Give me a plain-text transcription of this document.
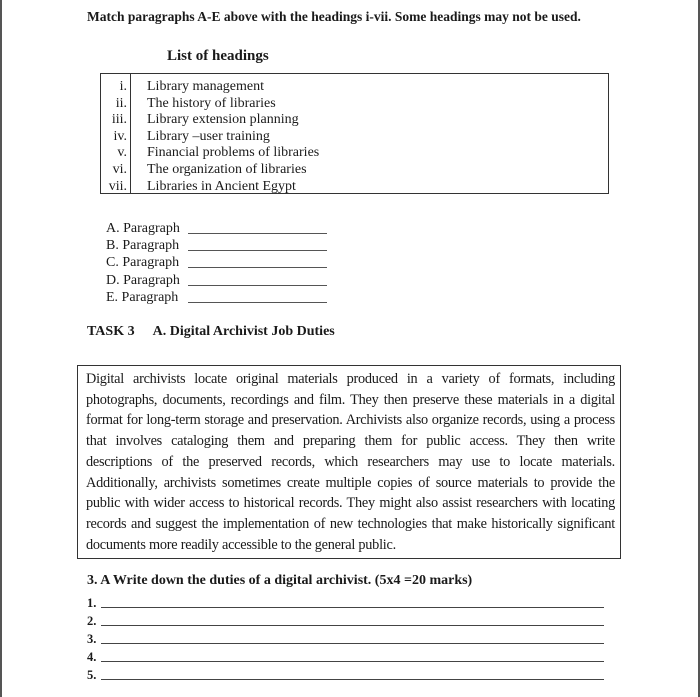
Match paragraphs A-E above with the headings i-vii. Some headings may not be used.
List of headings
i. Library management
ii. The history of libraries
iii. Library extension planning
iv. Library –user training
v. Financial problems of libraries
vi. The organization of libraries
vii. Libraries in Ancient Egypt
A. Paragraph
B. Paragraph
C. Paragraph
D. Paragraph
E. Paragraph
TASK 3 A. Digital Archivist Job Duties
Digital archivists locate original materials produced in a variety of formats, including photographs, documents, recordings and film. They then preserve these materials in a digital format for long-term storage and preservation. Archivists also organize records, using a process that involves cataloging them and preparing them for public access. They then write descriptions of the preserved records, which researchers may use to locate materials. Additionally, archivists sometimes create multiple copies of source materials to provide the public with wider access to historical records. They might also assist researchers with locating records and suggest the implementation of new technologies that make historically significant documents more readily accessible to the general public.
3. A Write down the duties of a digital archivist. (5x4 =20 marks)
1.
2.
3.
4.
5.
